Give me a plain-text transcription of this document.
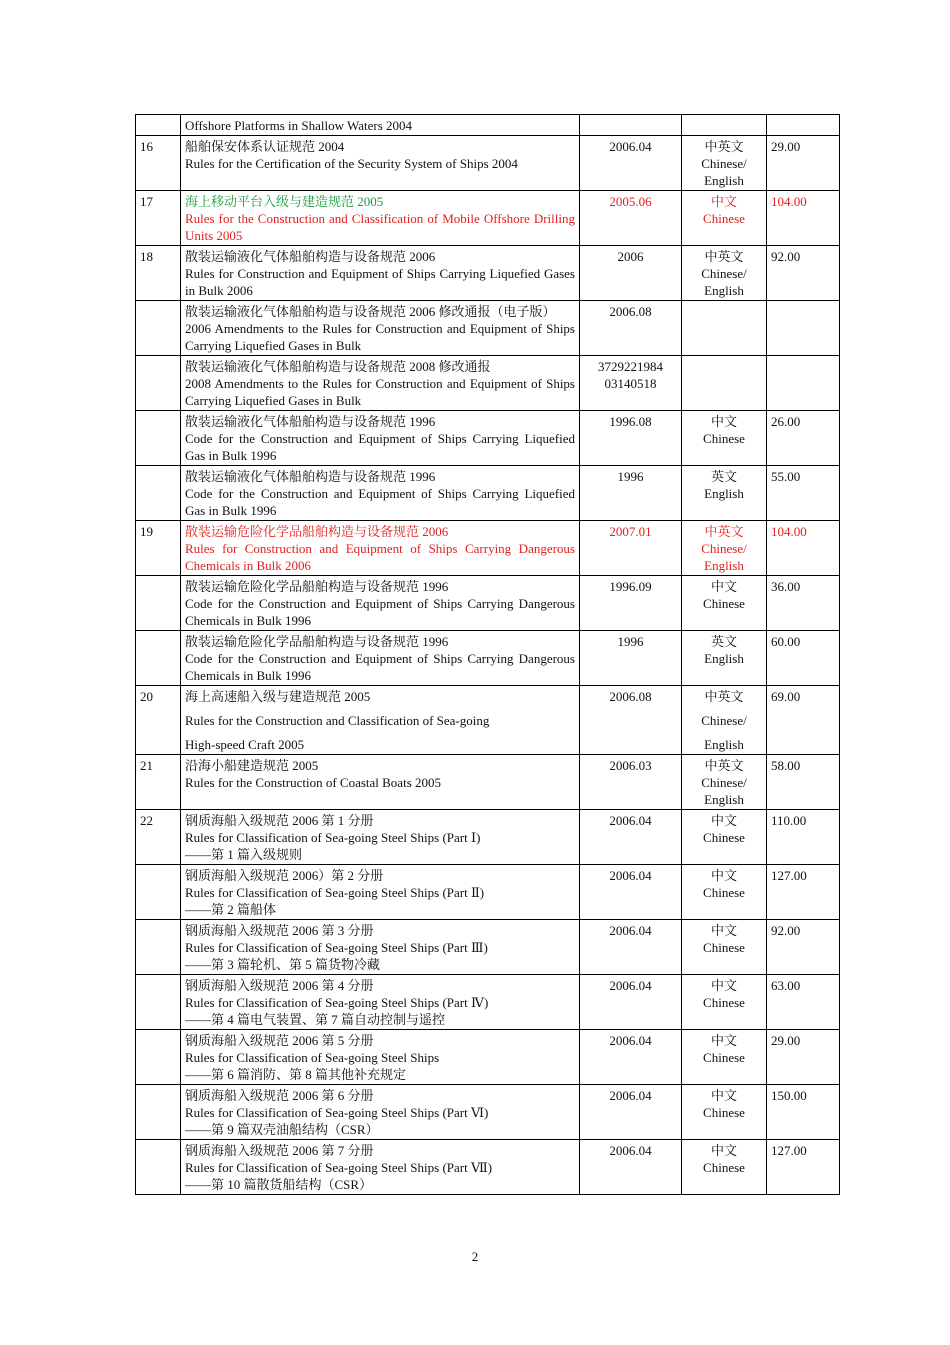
	Offshore Platforms in Shallow Waters 2004			

16	船舶保安体系认证规范 2004
Rules for the Certification of the Security System of Ships 2004	2006.04	中英文
Chinese/
English	29.00
17	海上移动平台入级与建造规范 2005
Rules for the Construction and Classification of Mobile Offshore Drilling Units 2005	2005.06	中文
Chinese	104.00
18	散装运输液化气体船舶构造与设备规范 2006
Rules for Construction and Equipment of Ships Carrying Liquefied Gases in Bulk 2006	2006	中英文
Chinese/
English	92.00

	散装运输液化气体船舶构造与设备规范 2006 修改通报（电子版）
2006 Amendments to the Rules for Construction and Equipment of Ships Carrying Liquefied Gases in Bulk	2006.08		

	散装运输液化气体船舶构造与设备规范 2008 修改通报
2008 Amendments to the Rules for Construction and Equipment of Ships Carrying Liquefied Gases in Bulk	3729221984
03140518		

	散装运输液化气体船舶构造与设备规范 1996
Code for the Construction and Equipment of Ships Carrying Liquefied Gas in Bulk 1996	1996.08	中文
Chinese	26.00

	散装运输液化气体船舶构造与设备规范 1996
Code for the Construction and Equipment of Ships Carrying Liquefied Gas in Bulk 1996	1996	英文
English	55.00
19	散装运输危险化学品船舶构造与设备规范 2006
Rules for Construction and Equipment of Ships Carrying Dangerous Chemicals in Bulk 2006	2007.01	中英文
Chinese/
English	104.00

	散装运输危险化学品船舶构造与设备规范 1996
Code for the Construction and Equipment of Ships Carrying Dangerous Chemicals in Bulk 1996	1996.09	中文
Chinese	36.00

	散装运输危险化学品船舶构造与设备规范 1996
Code for the Construction and Equipment of Ships Carrying Dangerous Chemicals in Bulk 1996	1996	英文
English	60.00
20	海上高速船入级与建造规范 2005
Rules for the Construction and Classification of Sea-going
High-speed Craft 2005	2006.08	中英文
Chinese/
English	69.00
21	沿海小船建造规范 2005
Rules for the Construction of Coastal Boats 2005	2006.03	中英文
Chinese/
English	58.00
22	钢质海船入级规范 2006 第 1 分册
Rules for Classification of Sea-going Steel Ships (Part Ⅰ)
——第 1 篇入级规则	2006.04	中文
Chinese	110.00

	钢质海船入级规范 2006）第 2 分册
Rules for Classification of Sea-going Steel Ships (Part Ⅱ)
——第 2 篇船体	2006.04	中文
Chinese	127.00

	钢质海船入级规范 2006 第 3 分册
Rules for Classification of Sea-going Steel Ships (Part Ⅲ)
——第 3 篇轮机、第 5 篇货物冷藏	2006.04	中文
Chinese	92.00

	钢质海船入级规范 2006 第 4 分册
Rules for Classification of Sea-going Steel Ships (Part Ⅳ)
——第 4 篇电气装置、第 7 篇自动控制与遥控	2006.04	中文
Chinese	63.00

	钢质海船入级规范 2006 第 5 分册
Rules for Classification of Sea-going Steel Ships
——第 6 篇消防、第 8 篇其他补充规定	2006.04	中文
Chinese	29.00

	钢质海船入级规范 2006 第 6 分册
Rules for Classification of Sea-going Steel Ships (Part Ⅵ)
——第 9 篇双壳油船结构（CSR）	2006.04	中文
Chinese	150.00

	钢质海船入级规范 2006 第 7 分册
Rules for Classification of Sea-going Steel Ships (Part Ⅶ)
——第 10 篇散货船结构（CSR）	2006.04	中文
Chinese	127.00
2
